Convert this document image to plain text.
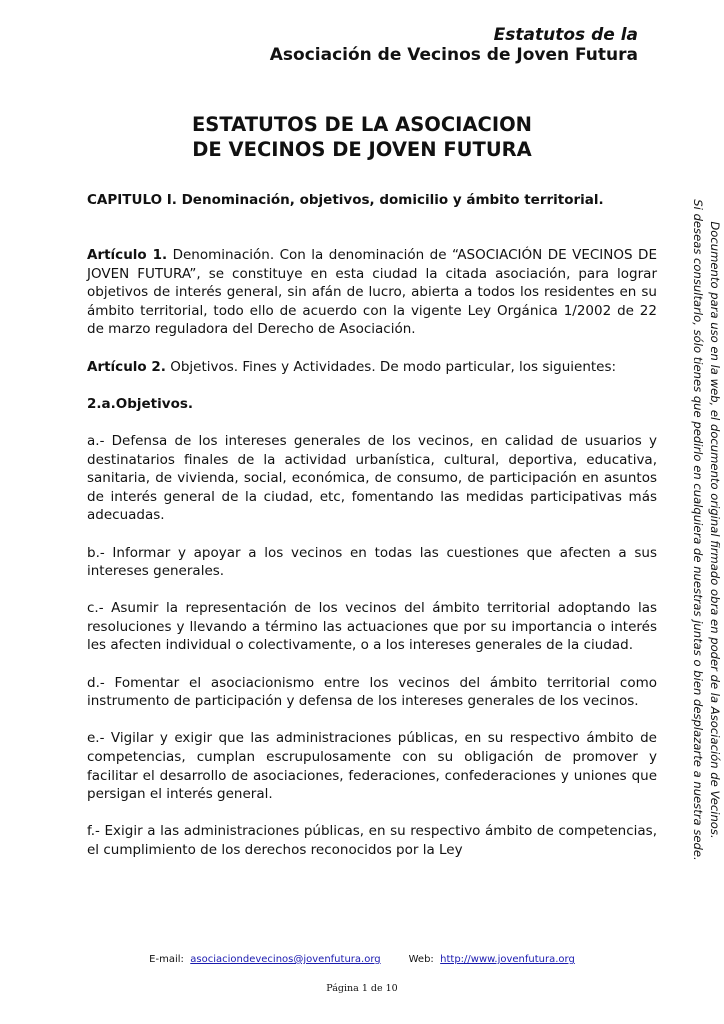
Estatutos de la
Asociación de Vecinos de Joven Futura
ESTATUTOS DE LA ASOCIACION
DE VECINOS DE JOVEN FUTURA
CAPITULO I. Denominación, objetivos, domicilio y ámbito territorial.

Artículo 1. Denominación. Con la denominación de “ASOCIACIÓN DE VECINOS DE JOVEN FUTURA”, se constituye en esta ciudad la citada asociación, para lograr objetivos de interés general, sin afán de lucro, abierta a todos los residentes en su ámbito territorial, todo ello de acuerdo con la vigente Ley Orgánica 1/2002 de 22 de marzo reguladora del Derecho de Asociación.

Artículo 2. Objetivos. Fines y Actividades. De modo particular, los siguientes:

2.a.Objetivos.

a.- Defensa de los intereses generales de los vecinos, en calidad de usuarios y destinatarios finales de la actividad urbanística, cultural, deportiva, educativa, sanitaria, de vivienda, social, económica, de consumo, de participación en asuntos de interés general de la ciudad, etc, fomentando las medidas participativas más adecuadas.

b.- Informar y apoyar a los vecinos en todas las cuestiones que afecten a sus intereses generales.

c.- Asumir la representación de los vecinos del ámbito territorial adoptando las resoluciones y llevando a término las actuaciones que por su importancia o interés les afecten individual o colectivamente, o a los intereses generales de la ciudad.

d.- Fomentar el asociacionismo entre los vecinos del ámbito territorial como instrumento de participación y defensa de los intereses generales de los vecinos.

e.- Vigilar y exigir que las administraciones públicas, en su respectivo ámbito de competencias, cumplan escrupulosamente con su obligación de promover y facilitar el desarrollo de asociaciones, federaciones, confederaciones y uniones que persigan el interés general.

f.- Exigir a las administraciones públicas, en su respectivo ámbito de competencias, el cumplimiento de los derechos reconocidos por la Ley

Documento para uso en la web, el documento original firmado obra en poder de la Asociación de Vecinos.
Si deseas consultarlo, sólo tienes que pedirlo en cualquiera de nuestras juntas o bien desplazarte a nuestra sede.
E-mail: asociaciondevecinos@jovenfutura.org	Web: http://www.jovenfutura.org
Página 1 de 10
